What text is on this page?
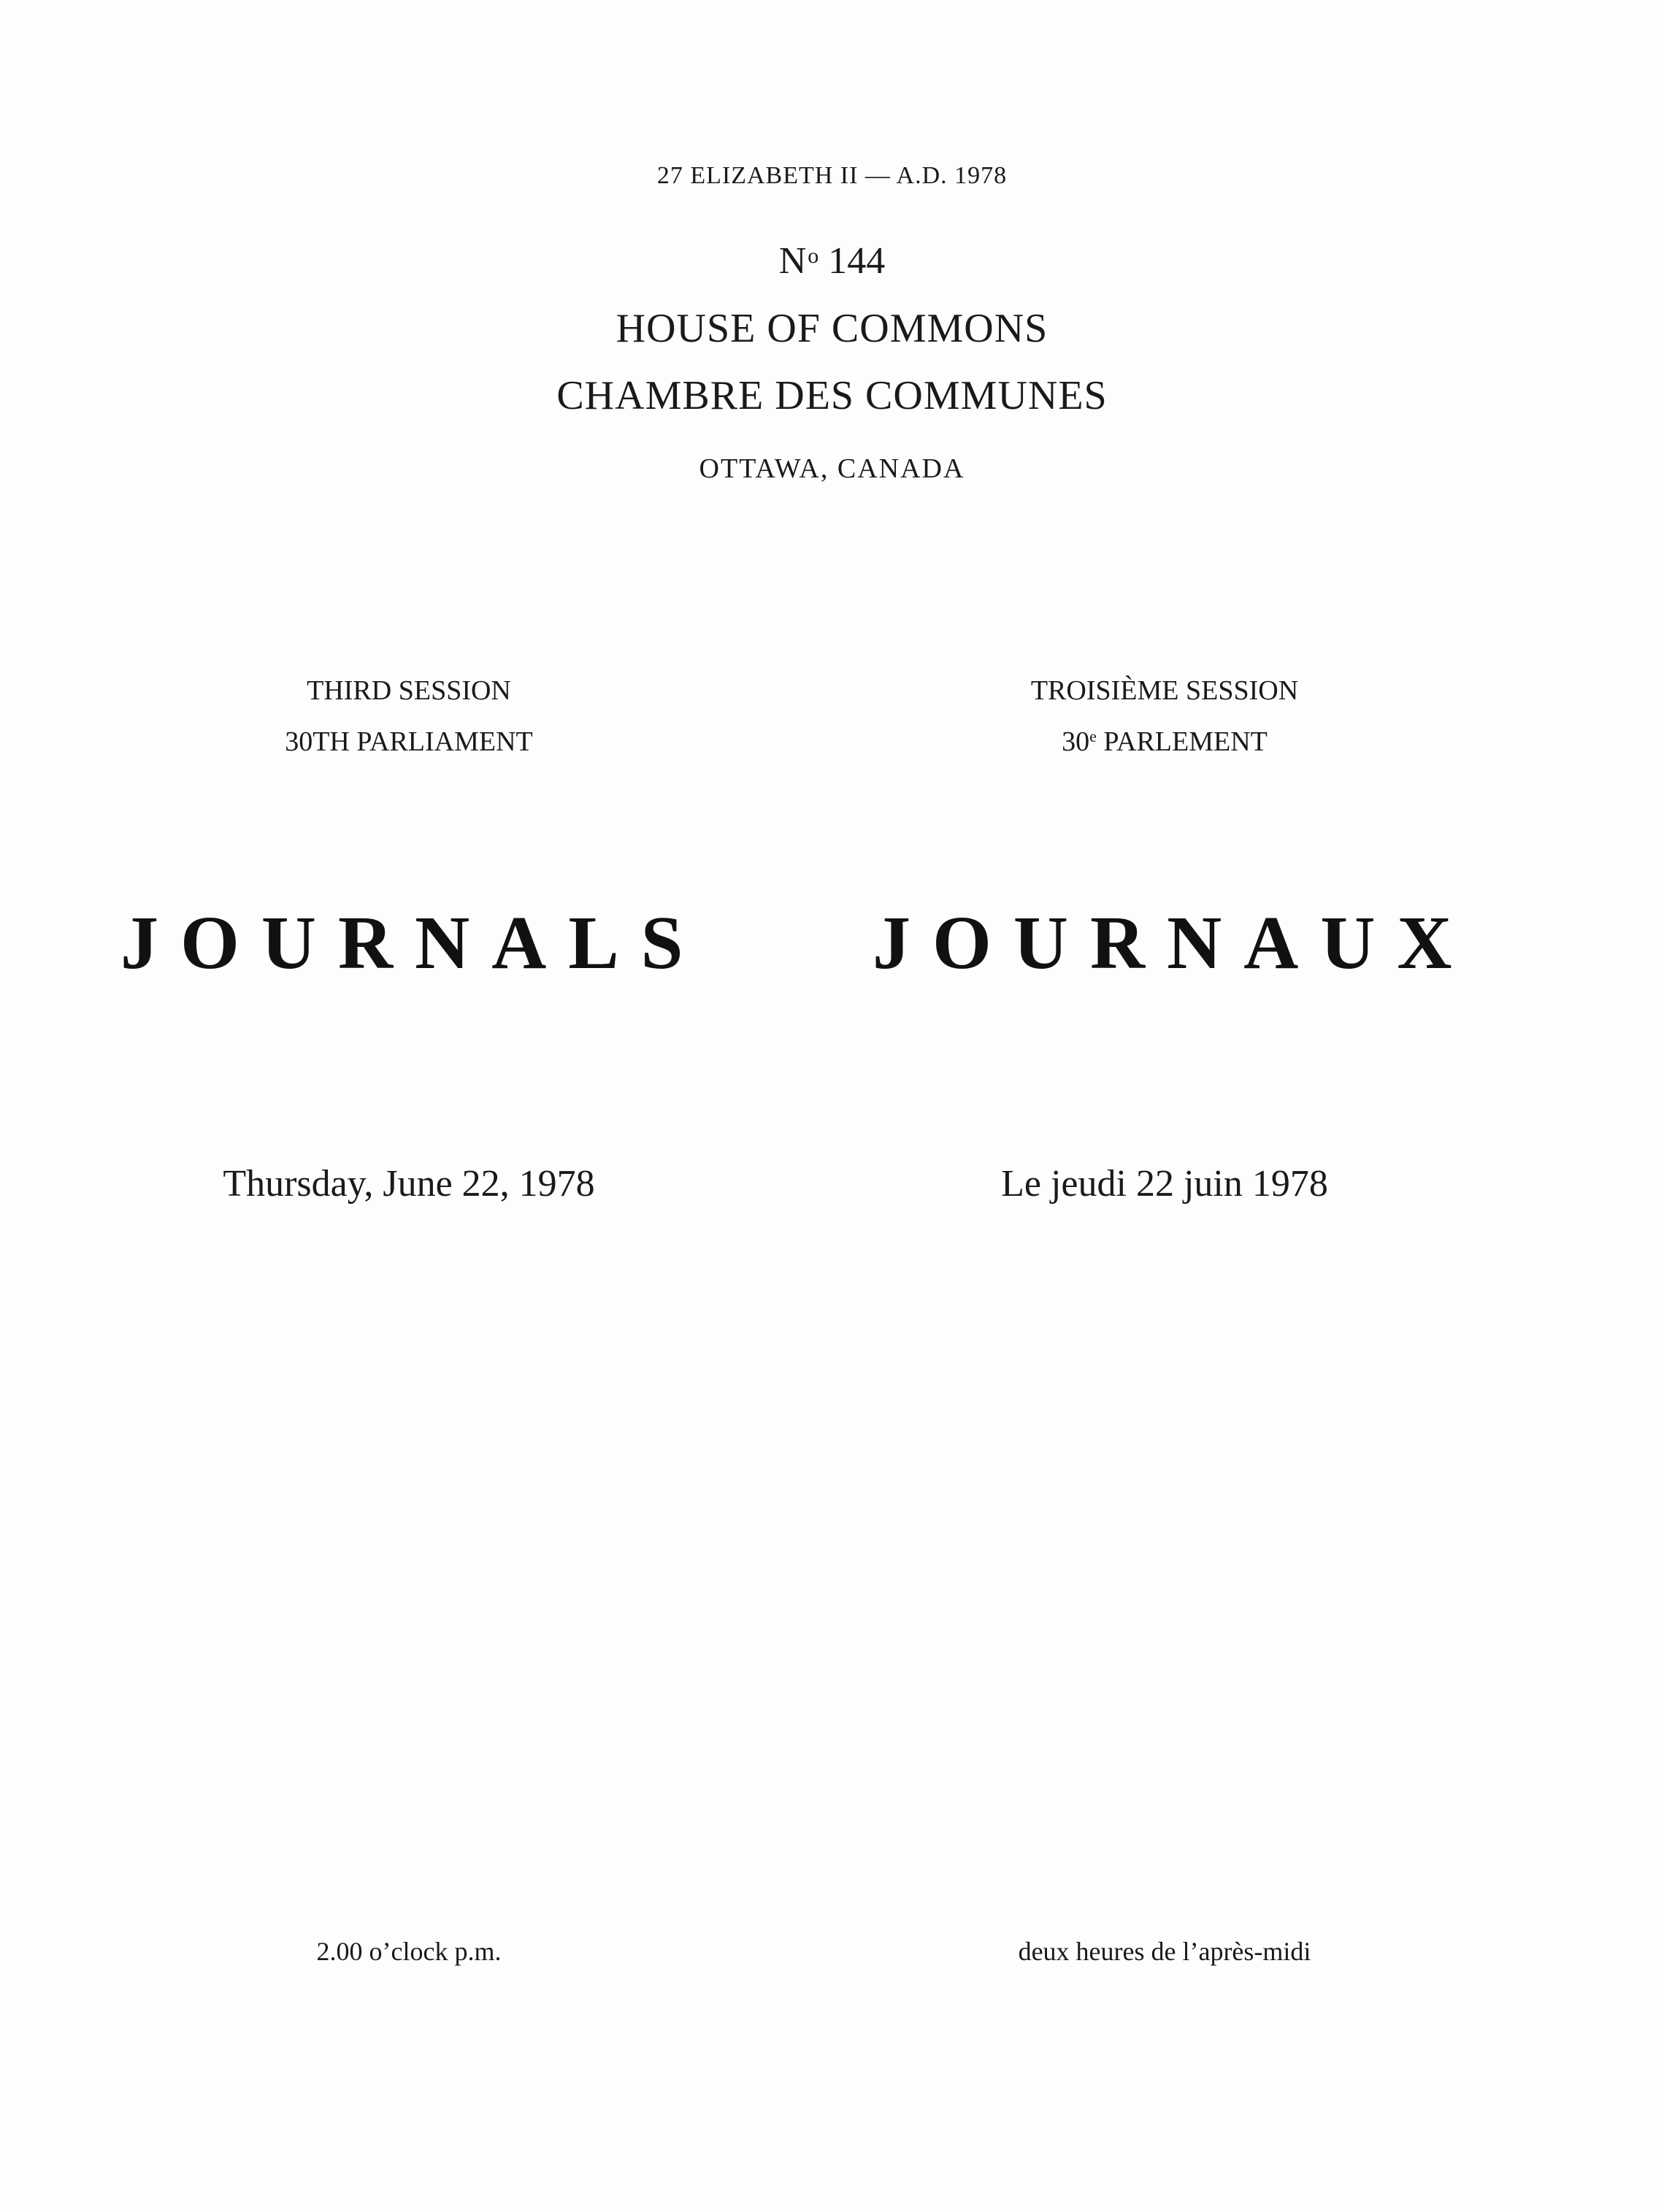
27 ELIZABETH II — A.D. 1978
$N^o$ 144
HOUSE OF COMMONS
CHAMBRE DES COMMUNES
OTTAWA, CANADA
THIRD SESSION
30TH PARLIAMENT
JOURNALS
Thursday, June 22, 1978
2.00 o’clock p.m.
TROISIÈME SESSION
30e PARLEMENT
JOURNAUX
Le jeudi 22 juin 1978
deux heures de l’après-midi
